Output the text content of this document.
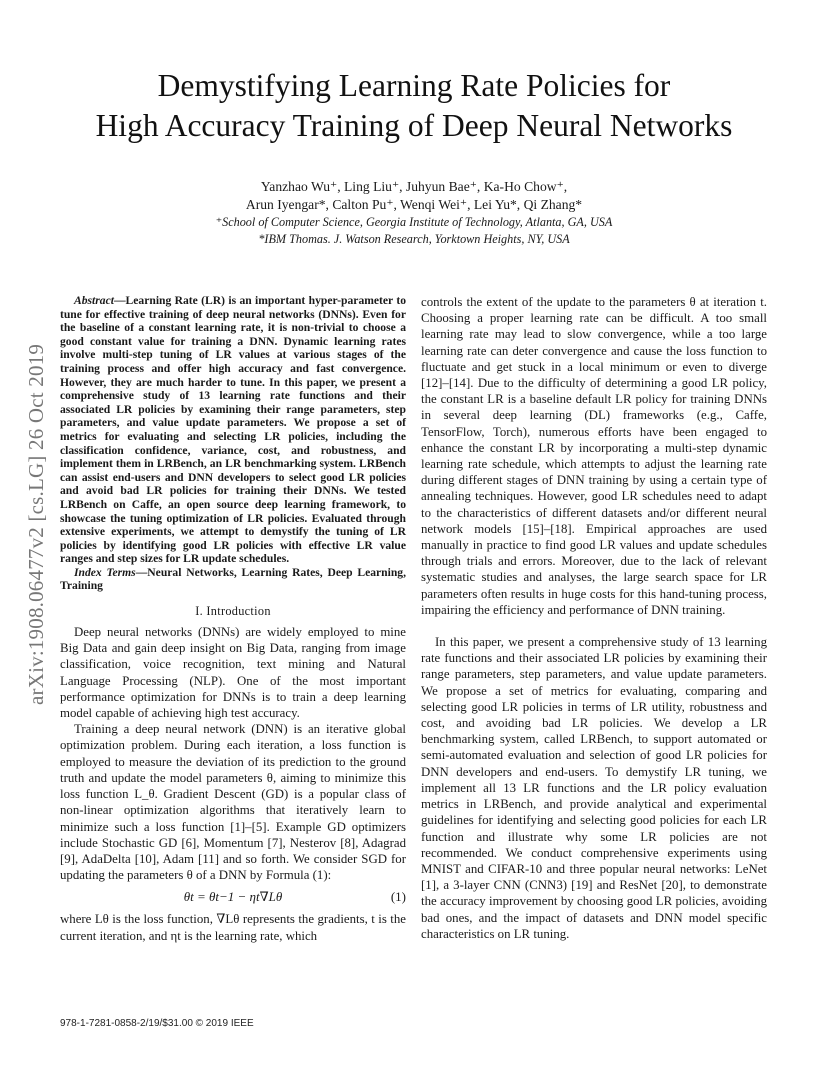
arXiv:1908.06477v2 [cs.LG] 26 Oct 2019
Demystifying Learning Rate Policies for
High Accuracy Training of Deep Neural Networks
Yanzhao Wu⁺, Ling Liu⁺, Juhyun Bae⁺, Ka-Ho Chow⁺,
Arun Iyengar*, Calton Pu⁺, Wenqi Wei⁺, Lei Yu*, Qi Zhang*
⁺School of Computer Science, Georgia Institute of Technology, Atlanta, GA, USA
*IBM Thomas. J. Watson Research, Yorktown Heights, NY, USA

Abstract—Learning Rate (LR) is an important hyper-parameter to tune for effective training of deep neural networks (DNNs). Even for the baseline of a constant learning rate, it is non-trivial to choose a good constant value for training a DNN. Dynamic learning rates involve multi-step tuning of LR values at various stages of the training process and offer high accuracy and fast convergence. However, they are much harder to tune. In this paper, we present a comprehensive study of 13 learning rate functions and their associated LR policies by examining their range parameters, step parameters, and value update parameters. We propose a set of metrics for evaluating and selecting LR policies, including the classification confidence, variance, cost, and robustness, and implement them in LRBench, an LR benchmarking system. LRBench can assist end-users and DNN developers to select good LR policies and avoid bad LR policies for training their DNNs. We tested LRBench on Caffe, an open source deep learning framework, to showcase the tuning optimization of LR policies. Evaluated through extensive experiments, we attempt to demystify the tuning of LR policies by identifying good LR policies with effective LR value ranges and step sizes for LR update schedules.

Index Terms—Neural Networks, Learning Rates, Deep Learning, Training

I. Introduction

Deep neural networks (DNNs) are widely employed to mine Big Data and gain deep insight on Big Data, ranging from image classification, voice recognition, text mining and Natural Language Processing (NLP). One of the most important performance optimization for DNNs is to train a deep learning model capable of achieving high test accuracy.

Training a deep neural network (DNN) is an iterative global optimization problem. During each iteration, a loss function is employed to measure the deviation of its prediction to the ground truth and update the model parameters θ, aiming to minimize this loss function L_θ. Gradient Descent (GD) is a popular class of non-linear optimization algorithms that iteratively learn to minimize such a loss function [1]–[5]. Example GD optimizers include Stochastic GD [6], Momentum [7], Nesterov [8], Adagrad [9], AdaDelta [10], Adam [11] and so forth. We consider SGD for updating the parameters θ of a DNN by Formula (1):

θt = θt−1 − ηt∇Lθ	(1)

where Lθ is the loss function, ∇Lθ represents the gradients, t is the current iteration, and ηt is the learning rate, which

controls the extent of the update to the parameters θ at iteration t. Choosing a proper learning rate can be difficult. A too small learning rate may lead to slow convergence, while a too large learning rate can deter convergence and cause the loss function to fluctuate and get stuck in a local minimum or even to diverge [12]–[14]. Due to the difficulty of determining a good LR policy, the constant LR is a baseline default LR policy for training DNNs in several deep learning (DL) frameworks (e.g., Caffe, TensorFlow, Torch), numerous efforts have been engaged to enhance the constant LR by incorporating a multi-step dynamic learning rate schedule, which attempts to adjust the learning rate during different stages of DNN training by using a certain type of annealing techniques. However, good LR schedules need to adapt to the characteristics of different datasets and/or different neural network models [15]–[18]. Empirical approaches are used manually in practice to find good LR values and update schedules through trials and errors. Moreover, due to the lack of relevant systematic studies and analyses, the large search space for LR parameters often results in huge costs for this hand-tuning process, impairing the efficiency and performance of DNN training.

In this paper, we present a comprehensive study of 13 learning rate functions and their associated LR policies by examining their range parameters, step parameters, and value update parameters. We propose a set of metrics for evaluating, comparing and selecting good LR policies in terms of LR utility, robustness and cost, and avoiding bad LR policies. We develop a LR benchmarking system, called LRBench, to support automated or semi-automated evaluation and selection of good LR policies for DNN developers and end-users. To demystify LR tuning, we implement all 13 LR functions and the LR policy evaluation metrics in LRBench, and provide analytical and experimental guidelines for identifying and selecting good policies for each LR function and illustrate why some LR policies are not recommended. We conduct comprehensive experiments using MNIST and CIFAR-10 and three popular neural networks: LeNet [1], a 3-layer CNN (CNN3) [19] and ResNet [20], to demonstrate the accuracy improvement by choosing good LR policies, avoiding bad ones, and the impact of datasets and DNN model specific characteristics on LR tuning.

978-1-7281-0858-2/19/$31.00 © 2019 IEEE
